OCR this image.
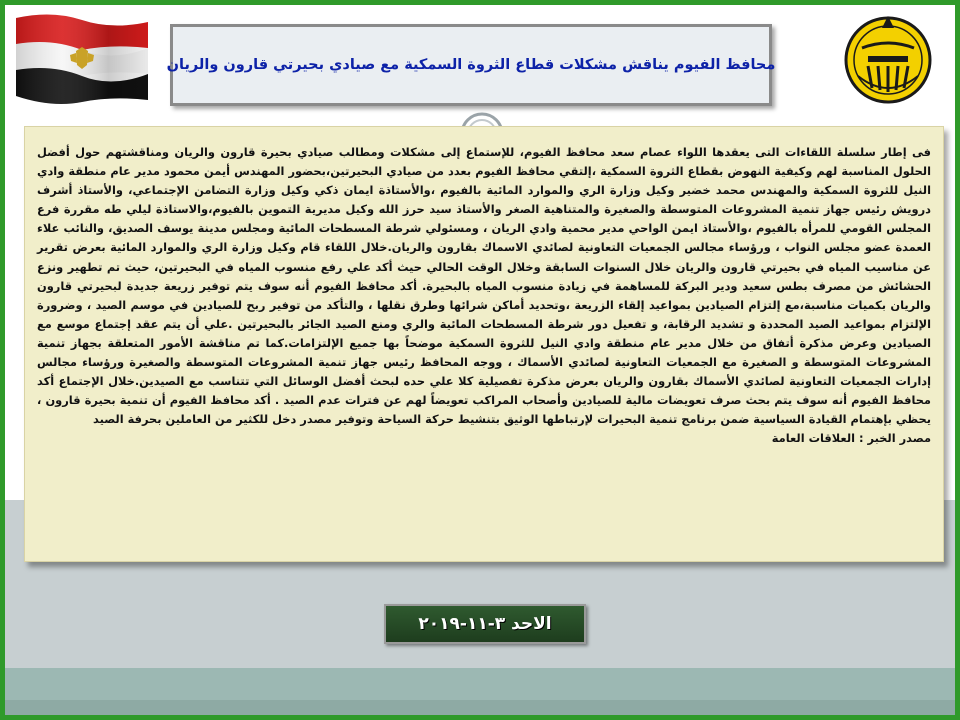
محافظ الفيوم يناقش مشكلات قطاع الثروة السمكية مع صيادي بحيرتي قارون والريان

فى إطار سلسلة اللقاءات التى يعقدها اللواء عصام سعد محافظ الفيوم، للإستماع إلى مشكلات ومطالب صيادي بحيرة قارون والريان ومناقشتهم حول أفضل الحلول المناسبة لهم وكيفية النهوض بقطاع الثروة السمكية ،إلتقي محافظ الفيوم بعدد من صيادي البحيرتين،بحضور المهندس أيمن محمود مدير عام منطقة وادي النيل للثروة السمكية والمهندس محمد خضير وكيل وزارة الري والموارد المائية بالفيوم ،والأستاذة ايمان ذكي وكيل وزارة التضامن الإجتماعي، والأستاذ أشرف درويش رئيس جهاز تنمية المشروعات المتوسطة والصغيرة والمتناهية الصغر والأستاذ سيد حرز الله وكيل مديرية التموين بالفيوم،والاستاذة ليلي طه مقررة فرع المجلس القومي للمرأه بالفيوم ،والأستاذ ايمن الواحي مدير محمية وادي الريان ، ومسئولي شرطة المسطحات المائية ومجلس مدينة يوسف الصديق، والنائب علاء العمدة عضو مجلس النواب ، ورؤساء مجالس الجمعيات التعاونية لصائدي الاسماك بقارون والريان.خلال اللقاء قام وكيل وزارة الري والموارد المائية بعرض تقرير عن مناسيب المياه في بحيرتي قارون والريان خلال السنوات السابقة وخلال الوقت الحالي حيث أكد علي رفع منسوب المياه في البحيرتين، حيث تم تطهير ونزع الحشائش من مصرف بطس سعيد ودير البركة للمساهمة في زيادة منسوب المياه بالبحيرة. أكد محافظ الفيوم أنه سوف يتم توفير زريعة جديدة لبحيرتي قارون والريان بكميات مناسبة،مع إلتزام الصيادين بمواعيد إلقاء الزريعة ،وتحديد أماكن شرائها وطرق نقلها ، والتأكد من توفير ربح للصيادين في موسم الصيد ، وضرورة الإلتزام بمواعيد الصيد المحددة و تشديد الرقابة، و تفعيل دور شرطة المسطحات المائية والري ومنع الصيد الجائر بالبحيرتين .علي أن يتم عقد إجتماع موسع مع الصيادين وعرض مذكرة أتفاق من خلال مدير عام منطقة وادي النيل للثروة السمكية موضحاً بها جميع الإلتزامات.كما تم مناقشة الأمور المتعلقة بجهاز تنمية المشروعات المتوسطة و الصغيرة مع الجمعيات التعاونية لصائدي الأسماك ، ووجه المحافظ رئيس جهاز تنمية المشروعات المتوسطة والصغيرة ورؤساء مجالس إدارات الجمعيات التعاونية لصائدي الأسماك بقارون والريان بعرض مذكرة تفصيلية كلا علي حده لبحث أفضل الوسائل التي تتناسب مع الصيدين.خلال الإجتماع أكد محافظ الفيوم أنه سوف يتم بحث صرف تعويضات مالية للصيادين وأصحاب المراكب تعويضاً لهم عن فترات عدم الصيد . أكد محافظ الفيوم أن تنمية بحيرة قارون ، يحظي بإهتمام القيادة السياسية ضمن برنامج تنمية البحيرات لإرتباطها الوثيق بتنشيط حركة السياحة وتوفير مصدر دخل للكثير من العاملين بحرفة الصيد

مصدر الخبر : العلاقات العامة

الاحد ٣-١١-٢٠١٩
